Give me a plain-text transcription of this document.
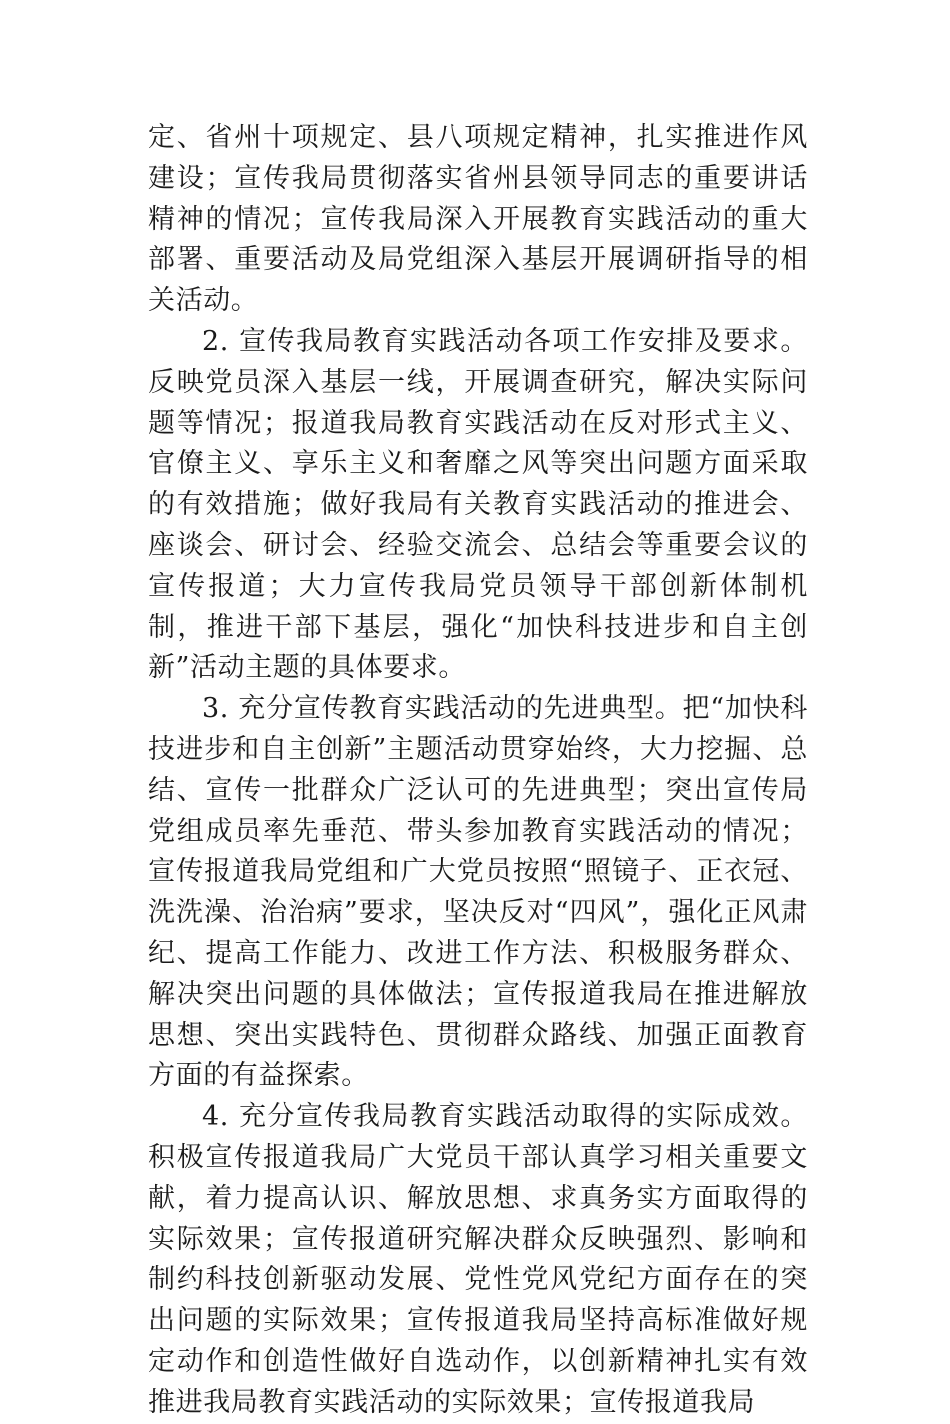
定、省州十项规定、县八项规定精神，扎实推进作风建设；宣传我局贯彻落实省州县领导同志的重要讲话精神的情况；宣传我局深入开展教育实践活动的重大部署、重要活动及局党组深入基层开展调研指导的相关活动。

2. 宣传我局教育实践活动各项工作安排及要求。反映党员深入基层一线，开展调查研究，解决实际问题等情况；报道我局教育实践活动在反对形式主义、官僚主义、享乐主义和奢靡之风等突出问题方面采取的有效措施；做好我局有关教育实践活动的推进会、座谈会、研讨会、经验交流会、总结会等重要会议的宣传报道；大力宣传我局党员领导干部创新体制机制，推进干部下基层，强化“加快科技进步和自主创新”活动主题的具体要求。

3. 充分宣传教育实践活动的先进典型。把“加快科技进步和自主创新”主题活动贯穿始终，大力挖掘、总结、宣传一批群众广泛认可的先进典型；突出宣传局党组成员率先垂范、带头参加教育实践活动的情况；宣传报道我局党组和广大党员按照“照镜子、正衣冠、洗洗澡、治治病”要求，坚决反对“四风”，强化正风肃纪、提高工作能力、改进工作方法、积极服务群众、解决突出问题的具体做法；宣传报道我局在推进解放思想、突出实践特色、贯彻群众路线、加强正面教育方面的有益探索。

4. 充分宣传我局教育实践活动取得的实际成效。积极宣传报道我局广大党员干部认真学习相关重要文献，着力提高认识、解放思想、求真务实方面取得的实际效果；宣传报道研究解决群众反映强烈、影响和制约科技创新驱动发展、党性党风党纪方面存在的突出问题的实际效果；宣传报道我局坚持高标准做好规定动作和创造性做好自选动作，以创新精神扎实有效推进我局教育实践活动的实际效果；宣传报道我局
